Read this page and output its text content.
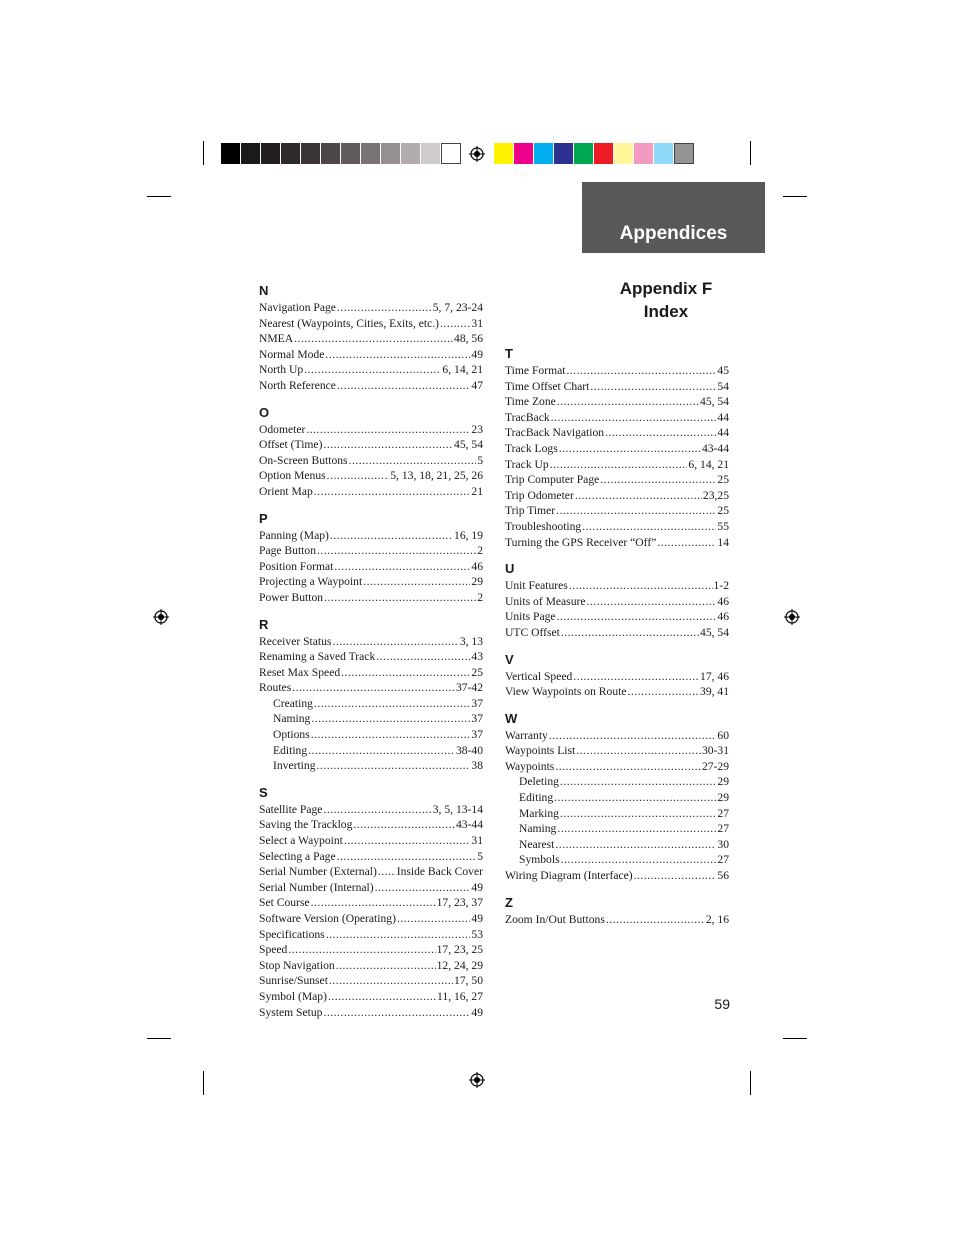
Appendices
Appendix F
Index
N
Navigation Page .....	5, 7, 23-24
Nearest (Waypoints, Cities, Exits, etc.) .....	31
NMEA .....	48, 56
Normal Mode .....	49
North Up .....	6, 14, 21
North Reference .....	47
O
Odometer .....	23
Offset (Time) .....	45, 54
On-Screen Buttons .....	5
Option Menus .....	5, 13, 18, 21, 25, 26
Orient Map .....	21
P
Panning (Map) .....	16, 19
Page Button .....	2
Position Format .....	46
Projecting a Waypoint .....	29
Power Button .....	2
R
Receiver Status .....	3, 13
Renaming a Saved Track .....	43
Reset Max Speed .....	25
Routes .....	37-42
Creating .....	37
Naming .....	37
Options .....	37
Editing .....	38-40
Inverting .....	38
S
Satellite Page .....	3, 5, 13-14
Saving the Tracklog .....	43-44
Select a Waypoint .....	31
Selecting a Page .....	5
Serial Number (External) ..... Inside Back Cover
Serial Number (Internal) .....	49
Set Course .....	17, 23, 37
Software Version (Operating) .....	49
Specifications .....	53
Speed .....	17, 23, 25
Stop Navigation .....	12, 24, 29
Sunrise/Sunset .....	17, 50
Symbol (Map) .....	11, 16, 27
System Setup .....	49
T
Time Format .....	45
Time Offset Chart .....	54
Time Zone .....	45, 54
TracBack .....	44
TracBack Navigation .....	44
Track Logs .....	43-44
Track Up .....	6, 14, 21
Trip Computer Page .....	25
Trip Odometer .....	23,25
Trip Timer .....	25
Troubleshooting .....	55
Turning the GPS Receiver “Off” .....	14
U
Unit Features .....	1-2
Units of Measure .....	46
Units Page .....	46
UTC Offset .....	45, 54
V
Vertical Speed .....	17, 46
View Waypoints on Route .....	39, 41
W
Warranty .....	60
Waypoints List .....	30-31
Waypoints .....	27-29
Deleting .....	29
Editing .....	29
Marking .....	27
Naming .....	27
Nearest .....	30
Symbols .....	27
Wiring Diagram (Interface) .....	56
Z
Zoom In/Out Buttons .....	2, 16
59
